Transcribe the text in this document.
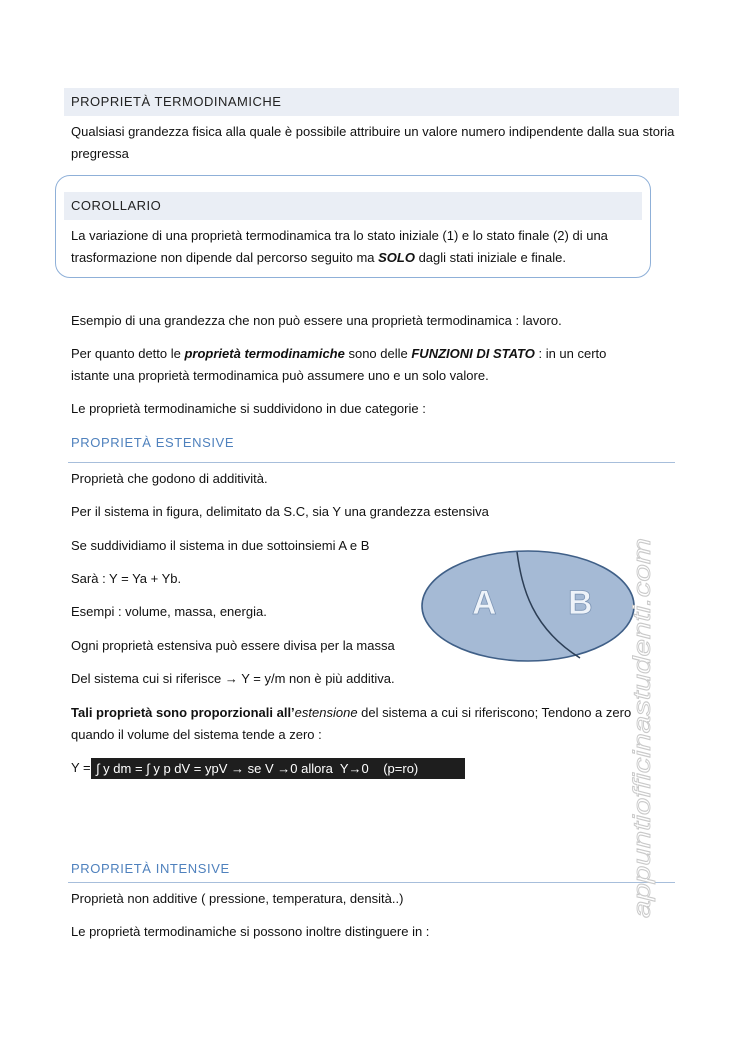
PROPRIETÀ TERMODINAMICHE
Qualsiasi grandezza fisica alla quale è possibile attribuire un valore numero indipendente dalla sua storia pregressa
COROLLARIO
La variazione di una proprietà termodinamica tra lo stato iniziale (1) e lo stato finale (2) di una trasformazione non dipende dal percorso seguito ma SOLO dagli stati iniziale e finale.
Esempio di una grandezza che non può essere una proprietà termodinamica : lavoro.
Per quanto detto le proprietà termodinamiche sono delle FUNZIONI DI STATO : in un certo istante una proprietà termodinamica può assumere uno e un solo valore.
Le proprietà termodinamiche si suddividono in due categorie :
PROPRIETÀ ESTENSIVE
Proprietà che godono di additività.
Per il sistema in figura, delimitato da S.C, sia Y una grandezza estensiva
Se suddividiamo il sistema in due sottoinsiemi A e B
Sarà : Y = Ya + Yb.
Esempi : volume, massa, energia.
Ogni proprietà estensiva può essere divisa per la massa
Del sistema cui si riferisce → Y = y/m non è più additiva.
A B
Tali proprietà sono proporzionali all’estensione del sistema a cui si riferiscono; Tendono a zero quando il volume del sistema tende a zero :
Y = ∫ y dm = ∫ y p dV = ypV → se V →0 allora  Y→0    (p=ro)
PROPRIETÀ INTENSIVE
Proprietà non additive ( pressione, temperatura, densità..)
Le proprietà termodinamiche si possono inoltre distinguere in :
appuntiofficinastudenti.com
